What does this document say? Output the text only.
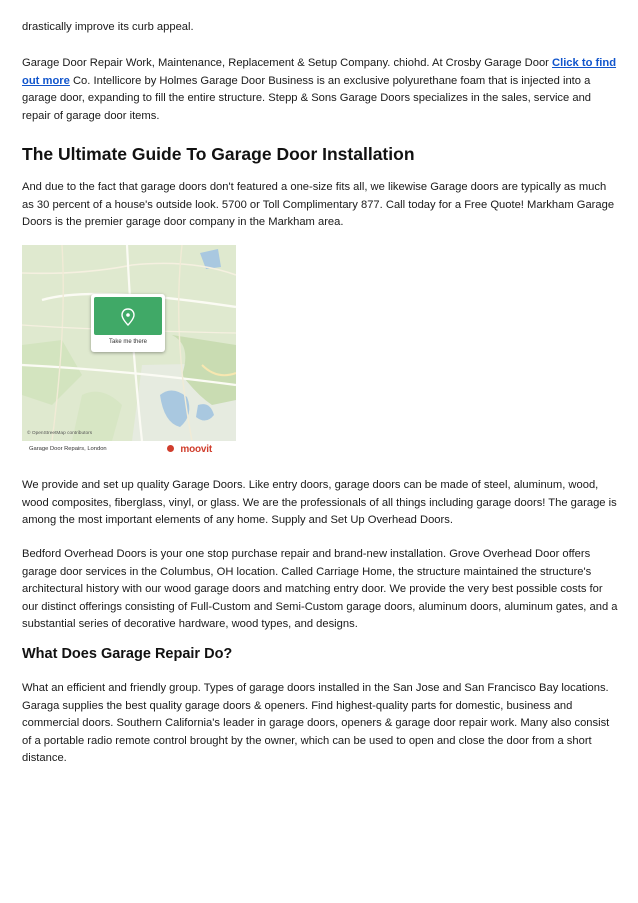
drastically improve its curb appeal.

Garage Door Repair Work, Maintenance, Replacement & Setup Company. chiohd. At Crosby Garage Door Click to find out more Co. Intellicore by Holmes Garage Door Business is an exclusive polyurethane foam that is injected into a garage door, expanding to fill the entire structure. Stepp & Sons Garage Doors specializes in the sales, service and repair of garage door items.

The Ultimate Guide To Garage Door Installation

And due to the fact that garage doors don't featured a one-size fits all, we likewise Garage doors are typically as much as 30 percent of a house's outside look. 5700 or Toll Complimentary 877. Call today for a Free Quote! Markham Garage Doors is the premier garage door company in the Markham area.

Take me there
© OpenStreetMap contributors
Garage Door Repairs, London	moovit

We provide and set up quality Garage Doors. Like entry doors, garage doors can be made of steel, aluminum, wood, wood composites, fiberglass, vinyl, or glass. We are the professionals of all things including garage doors! The garage is among the most important elements of any home. Supply and Set Up Overhead Doors.

Bedford Overhead Doors is your one stop purchase repair and brand-new installation. Grove Overhead Door offers garage door services in the Columbus, OH location. Called Carriage Home, the structure maintained the structure's architectural history with our wood garage doors and matching entry door. We provide the very best possible costs for our distinct offerings consisting of Full-Custom and Semi-Custom garage doors, aluminum doors, aluminum gates, and a substantial series of decorative hardware, wood types, and designs.

What Does Garage Repair Do?

What an efficient and friendly group. Types of garage doors installed in the San Jose and San Francisco Bay locations. Garaga supplies the best quality garage doors & openers. Find highest-quality parts for domestic, business and commercial doors. Southern California's leader in garage doors, openers & garage door repair work. Many also consist of a portable radio remote control brought by the owner, which can be used to open and close the door from a short distance.
